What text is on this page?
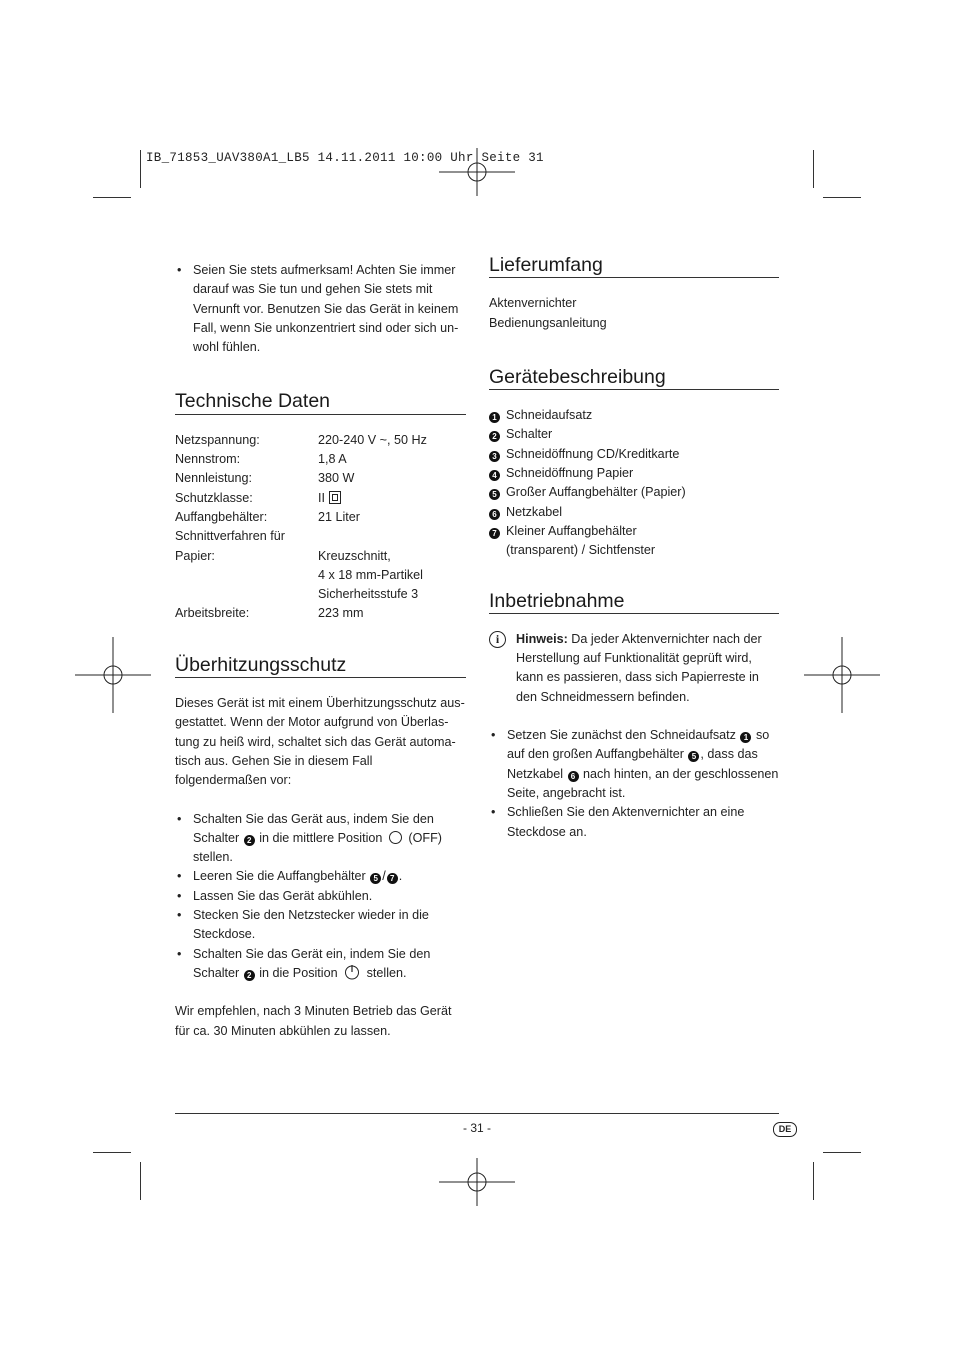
IB_71853_UAV380A1_LB5 14.11.2011 10:00 Uhr Seite 31
• Seien Sie stets aufmerksam! Achten Sie immer darauf was Sie tun und gehen Sie stets mit Vernunft vor. Benutzen Sie das Gerät in keinem Fall, wenn Sie unkonzentriert sind oder sich un-wohl fühlen.
Technische Daten
Netzspannung:	220-240 V ~, 50 Hz
Nennstrom:	1,8 A
Nennleistung:	380 W
Schutzklasse:	II
Auffangbehälter:	21 Liter
Schnittverfahren für
Papier:	Kreuzschnitt,
4 x 18 mm-Partikel
Sicherheitsstufe 3
Arbeitsbreite:	223 mm
Überhitzungsschutz

Dieses Gerät ist mit einem Überhitzungsschutz aus-gestattet. Wenn der Motor aufgrund von Überlas-tung zu heiß wird, schaltet sich das Gerät automa-tisch aus. Gehen Sie in diesem Fall folgendermaßen vor:

• Schalten Sie das Gerät aus, indem Sie den Schalter 2 in die mittlere Position (OFF) stellen.
• Leeren Sie die Auffangbehälter 5 / 7 .
• Lassen Sie das Gerät abkühlen.
• Stecken Sie den Netzstecker wieder in die Steckdose.
• Schalten Sie das Gerät ein, indem Sie den Schalter 2 in die Position stellen.

Wir empfehlen, nach 3 Minuten Betrieb das Gerät für ca. 30 Minuten abkühlen zu lassen.

Lieferumfang
Aktenvernichter
Bedienungsanleitung
Gerätebeschreibung
1 Schneidaufsatz
2 Schalter
3 Schneidöffnung CD/Kreditkarte
4 Schneidöffnung Papier
5 Großer Auffangbehälter (Papier)
6 Netzkabel
7 Kleiner Auffangbehälter
(transparent) / Sichtfenster
Inbetriebnahme
i	Hinweis: Da jeder Aktenvernichter nach der Herstellung auf Funktionalität geprüft wird, kann es passieren, dass sich Papierreste in den Schneidmessern befinden.
• Setzen Sie zunächst den Schneidaufsatz 1 so auf den großen Auffangbehälter 5 , dass das Netzkabel 6 nach hinten, an der geschlossenen Seite, angebracht ist.
• Schließen Sie den Aktenvernichter an eine Steckdose an.
- 31 -	DE
